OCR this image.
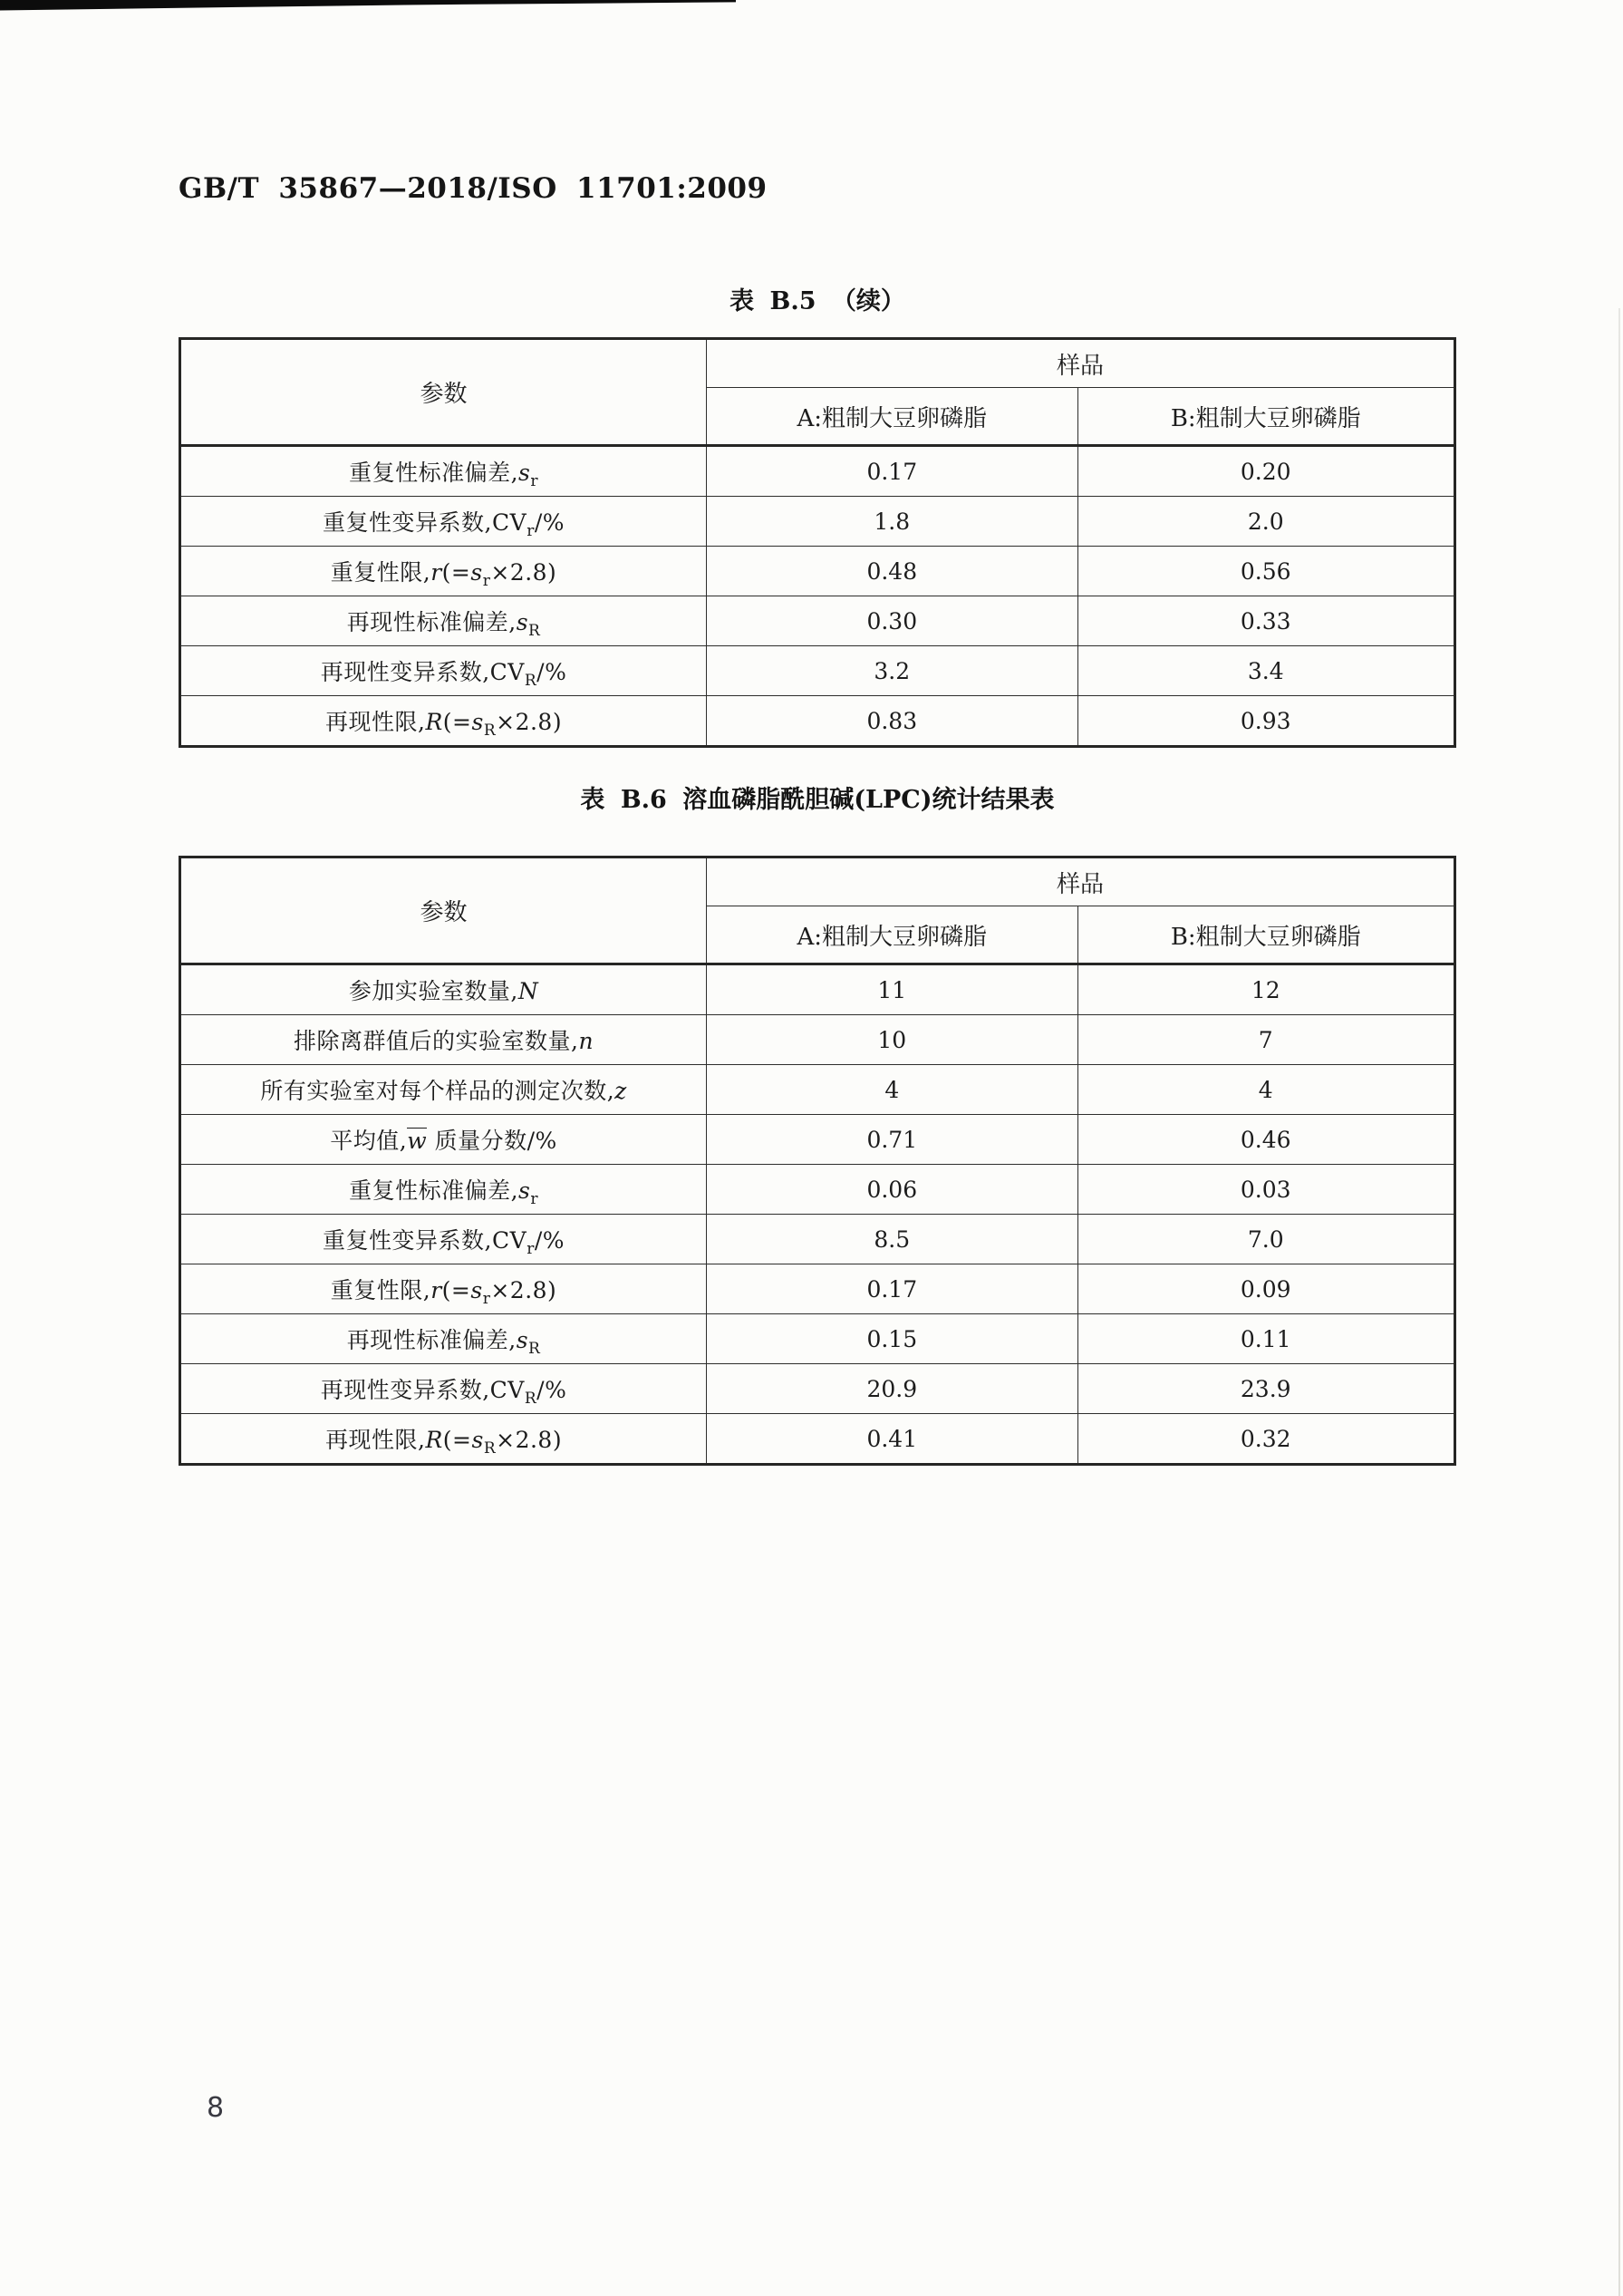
GB/T 35867—2018/ISO 11701:2009
表 B.5 （续）
参数	样品	
	A:粗制大豆卵磷脂	B:粗制大豆卵磷脂
重复性标准偏差$,s_r$	0.17	0.20
重复性变异系数$,CV_r/\%$	1.8	2.0
重复性限$,r(=s_r\times 2.8)$	0.48	0.56
再现性标准偏差$,s_R$	0.30	0.33
再现性变异系数$,CV_R/\%$	3.2	3.4
再现性限$,R(=s_R\times 2.8)$	0.83	0.93
表 B.6 溶血磷脂酰胆碱(LPC)统计结果表
参数	样品	
	A:粗制大豆卵磷脂	B:粗制大豆卵磷脂
参加实验室数量,N	11	12
排除离群值后的实验室数量,n	10	7
所有实验室对每个样品的测定次数,z	4	4
平均值,w 质量分数/%	0.71	0.46
重复性标准偏差$,s_r$	0.06	0.03
重复性变异系数$,CV_r/\%$	8.5	7.0
重复性限$,r(=s_r\times 2.8)$	0.17	0.09
再现性标准偏差$,s_R$	0.15	0.11
再现性变异系数$,CV_R/\%$	20.9	23.9
再现性限$,R(=s_R\times 2.8)$	0.41	0.32
8
